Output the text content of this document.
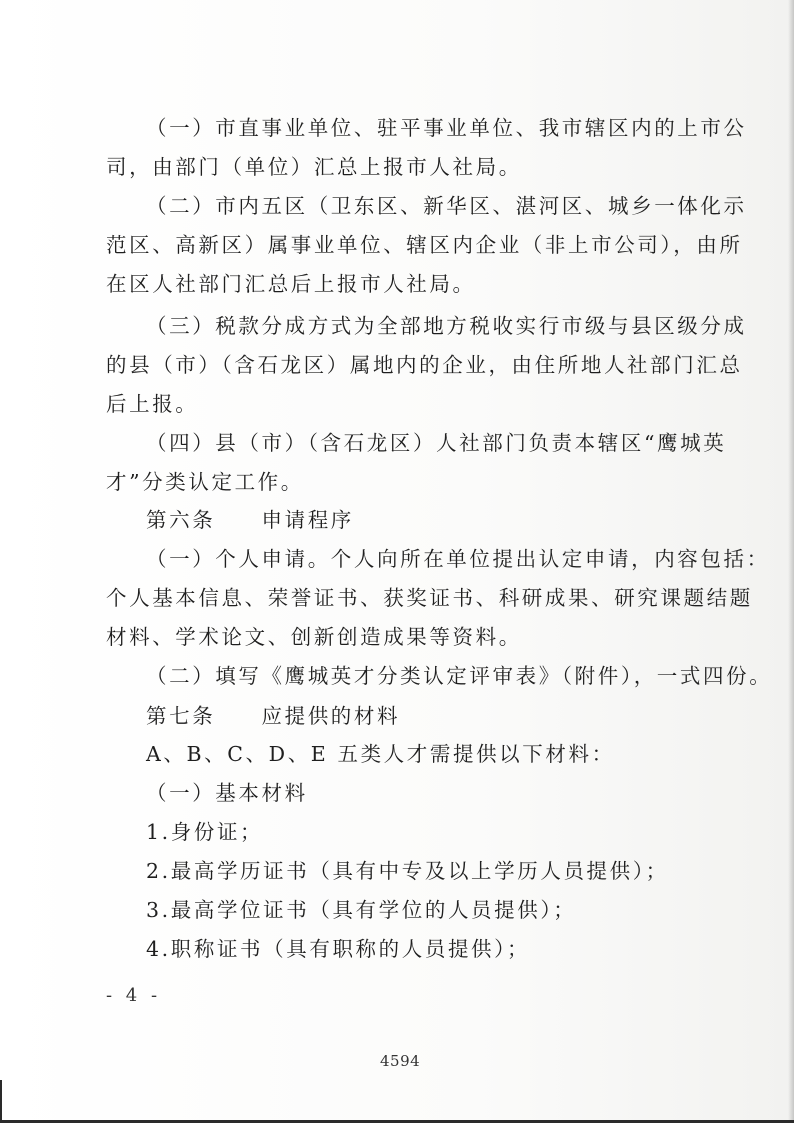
（一）市直事业单位、驻平事业单位、我市辖区内的上市公
司，由部门（单位）汇总上报市人社局。
（二）市内五区（卫东区、新华区、湛河区、城乡一体化示
范区、高新区）属事业单位、辖区内企业（非上市公司），由所
在区人社部门汇总后上报市人社局。
（三）税款分成方式为全部地方税收实行市级与县区级分成
的县（市）（含石龙区）属地内的企业，由住所地人社部门汇总
后上报。
（四）县（市）（含石龙区）人社部门负责本辖区“鹰城英
才”分类认定工作。
第六条　　申请程序
（一）个人申请。个人向所在单位提出认定申请，内容包括：
个人基本信息、荣誉证书、获奖证书、科研成果、研究课题结题
材料、学术论文、创新创造成果等资料。
（二）填写《鹰城英才分类认定评审表》（附件），一式四份。
第七条　　应提供的材料
A、B、C、D、E 五类人才需提供以下材料：
（一）基本材料
1.身份证；
2.最高学历证书（具有中专及以上学历人员提供）；
3.最高学位证书（具有学位的人员提供）；
4.职称证书（具有职称的人员提供）；
- 4 -
4594
